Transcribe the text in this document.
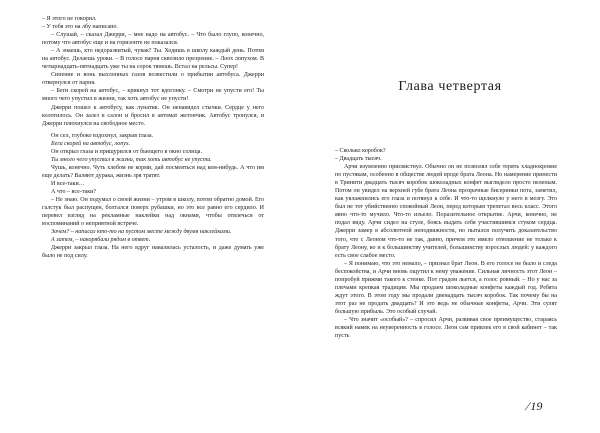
– Я этого не говорил.

– У тебя это на лбу написано.

– Слушай, – сказал Джерри, – мне надо на автобус. – Что было глупо, конечно, потому что автобус еще и на горизонте не показался.

– А знаешь, кто недоразвитый, чувак? Ты. Ходишь в школу каждый день. Потом на автобус. Делаешь уроки. – В голосе парня сквозило презрение. – Лоох лопухом. В четырнадцать-пятнадцать уже ты на сорок тянешь. Встал на рельсы. Супер!

Сипение и вонь выхлопных газов возвестили о прибытии автобуса. Джерри отвернулся от парня.

– Беги скорей на автобус, – крикнул тот вдогонку. – Смотри не упусти его! Ты много чего упустил в жизни, так хоть автобус не упусти!

Джерри пошел к автобусу, как лунатик. Он ненавидел стычки. Сердце у него колотилось. Он залез в салон и бросил в автомат жетончик. Автобус тронулся, и Джерри плюхнулся на свободное место.

Он сел, глубоко вздохнул, закрыв глаза.

Беги скорей на автобус, лопух.

Он открыл глаза и прищурился от бьющего в окно солнца.

Ты много чего упустил в жизни, так хоть автобус не упусти.

Чушь, конечно. Чуть хлебом не корми, дай посмеяться над кем-нибудь. А что им еще делать? Валяют дурака, жизнь зря тратят.

И все-таки…

А что – все-таки?

– Не знаю. Он подумал о своей жизни – утром в школу, потом обратно домой. Его галстук был распущен, болтался поверх рубашки, но это все равно его сердило. И перевел взгляд на рекламные наклейки над окнами, чтобы отвлечься от воспоминаний о неприятной встрече.

Зачем? – написал кто-то на пустом месте между двумя наклейками.

А затем, – накорябали рядом в ответ.

Джерри закрыл глаза. На него вдруг навалилась усталость, и даже думать уже было не под силу.

Глава четвертая

– Сколько коробок?

– Двадцать тысяч.

Арчи изумленно присвистнул. Обычно он не позволял себе терять хладнокровие по пустякам, особенно в обществе людей вроде брата Леона. Но намерение принести в Тринити двадцать тысяч коробок шоколадных конфет выглядело просто нелепым. Потом он увидел на верхней губе брата Леона прозрачные бисеринки пота, заметил, как увлажнились его глаза и потянул к себе. И что-то щелкнуло у него в мозгу. Это был не тот убийственно спокойный Леон, перед которым трепетал весь класс. Этого явно что-то мучило. Что-то изъело. Поразительное открытие. Арчи, конечно, не подал виду. Арчи сидел на стуле, боясь выдать себя участившимся стуком сердца. Джерри замер в абсолютной неподвижности, но пытался получить доказательство того, что с Леоном что-то не так, давно, причем это имело отношение не только к брату Леону, во и к большинству учителей, большинству взрослых людей: у каждого есть свое слабое место.

– Я понимаю, что это немало, – признал брат Леон. В его голосе не было и следа беспокойства, и Арчи вновь ощутил к нему уважение. Сильная личность этот Леон – попробуй прижми такого к стенке. Пот градом льется, а голос ровный. – Но у нас за плечами крепкая традиция. Мы продаем шоколадные конфеты каждый год. Ребята ждут этого. В этом году мы продали двенадцать тысяч коробок. Так почему бы на этот раз не продать двадцать? И это ведь не обычные конфеты, Арчи. Эти сулят большую прибыль. Это особый случай.

– Что значит «особый»? – спросил Арчи, развивая свое преимущество, стараясь всякий намек на неуверенность в голосе. Леон сам привлек его в свой кабинет – так пусть

/19
